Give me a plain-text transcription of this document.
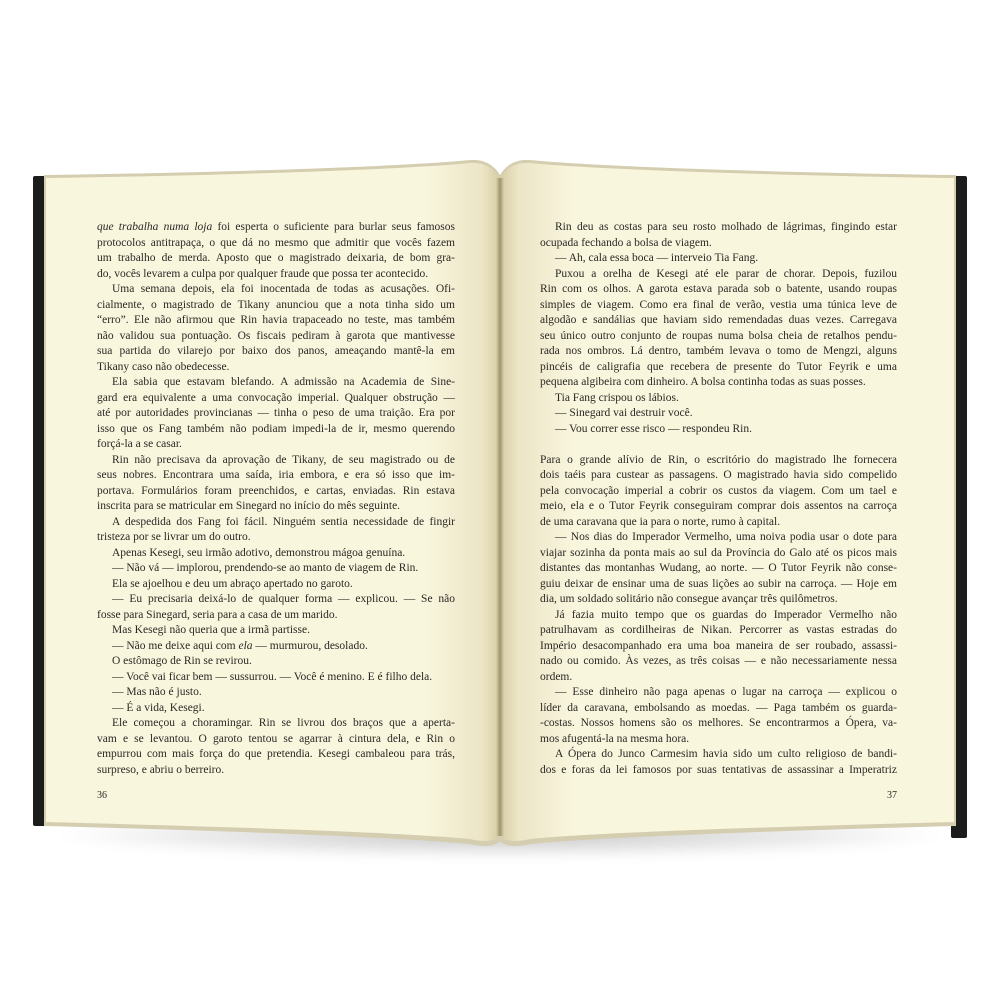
que trabalha numa loja foi esperta o suficiente para burlar seus famosos
protocolos antitrapaça, o que dá no mesmo que admitir que vocês fazem
um trabalho de merda. Aposto que o magistrado deixaria, de bom gra-
do, vocês levarem a culpa por qualquer fraude que possa ter acontecido.
Uma semana depois, ela foi inocentada de todas as acusações. Ofi-
cialmente, o magistrado de Tikany anunciou que a nota tinha sido um
“erro”. Ele não afirmou que Rin havia trapaceado no teste, mas também
não validou sua pontuação. Os fiscais pediram à garota que mantivesse
sua partida do vilarejo por baixo dos panos, ameaçando mantê-la em
Tikany caso não obedecesse.
Ela sabia que estavam blefando. A admissão na Academia de Sine-
gard era equivalente a uma convocação imperial. Qualquer obstrução —
até por autoridades provincianas — tinha o peso de uma traição. Era por
isso que os Fang também não podiam impedi-la de ir, mesmo querendo
forçá-la a se casar.
Rin não precisava da aprovação de Tikany, de seu magistrado ou de
seus nobres. Encontrara uma saída, iria embora, e era só isso que im-
portava. Formulários foram preenchidos, e cartas, enviadas. Rin estava
inscrita para se matricular em Sinegard no início do mês seguinte.
A despedida dos Fang foi fácil. Ninguém sentia necessidade de fingir
tristeza por se livrar um do outro.
Apenas Kesegi, seu irmão adotivo, demonstrou mágoa genuína.
— Não vá — implorou, prendendo-se ao manto de viagem de Rin.
Ela se ajoelhou e deu um abraço apertado no garoto.
— Eu precisaria deixá-lo de qualquer forma — explicou. — Se não
fosse para Sinegard, seria para a casa de um marido.
Mas Kesegi não queria que a irmã partisse.
— Não me deixe aqui com ela — murmurou, desolado.
O estômago de Rin se revirou.
— Você vai ficar bem — sussurrou. — Você é menino. E é filho dela.
— Mas não é justo.
— É a vida, Kesegi.
Ele começou a choramingar. Rin se livrou dos braços que a aperta-
vam e se levantou. O garoto tentou se agarrar à cintura dela, e Rin o
empurrou com mais força do que pretendia. Kesegi cambaleou para trás,
surpreso, e abriu o berreiro.
Rin deu as costas para seu rosto molhado de lágrimas, fingindo estar
ocupada fechando a bolsa de viagem.
— Ah, cala essa boca — interveio Tia Fang.
Puxou a orelha de Kesegi até ele parar de chorar. Depois, fuzilou
Rin com os olhos. A garota estava parada sob o batente, usando roupas
simples de viagem. Como era final de verão, vestia uma túnica leve de
algodão e sandálias que haviam sido remendadas duas vezes. Carregava
seu único outro conjunto de roupas numa bolsa cheia de retalhos pendu-
rada nos ombros. Lá dentro, também levava o tomo de Mengzi, alguns
pincéis de caligrafia que recebera de presente do Tutor Feyrik e uma
pequena algibeira com dinheiro. A bolsa continha todas as suas posses.
Tia Fang crispou os lábios.
— Sinegard vai destruir você.
— Vou correr esse risco — respondeu Rin.
Para o grande alívio de Rin, o escritório do magistrado lhe fornecera
dois taéis para custear as passagens. O magistrado havia sido compelido
pela convocação imperial a cobrir os custos da viagem. Com um tael e
meio, ela e o Tutor Feyrik conseguiram comprar dois assentos na carroça
de uma caravana que ia para o norte, rumo à capital.
— Nos dias do Imperador Vermelho, uma noiva podia usar o dote para
viajar sozinha da ponta mais ao sul da Província do Galo até os picos mais
distantes das montanhas Wudang, ao norte. — O Tutor Feyrik não conse-
guiu deixar de ensinar uma de suas lições ao subir na carroça. — Hoje em
dia, um soldado solitário não consegue avançar três quilômetros.
Já fazia muito tempo que os guardas do Imperador Vermelho não
patrulhavam as cordilheiras de Nikan. Percorrer as vastas estradas do
Império desacompanhado era uma boa maneira de ser roubado, assassi-
nado ou comido. Às vezes, as três coisas — e não necessariamente nessa
ordem.
— Esse dinheiro não paga apenas o lugar na carroça — explicou o
líder da caravana, embolsando as moedas. — Paga também os guarda-
-costas. Nossos homens são os melhores. Se encontrarmos a Ópera, va-
mos afugentá-la na mesma hora.
A Ópera do Junco Carmesim havia sido um culto religioso de bandi-
dos e foras da lei famosos por suas tentativas de assassinar a Imperatriz
36	37
